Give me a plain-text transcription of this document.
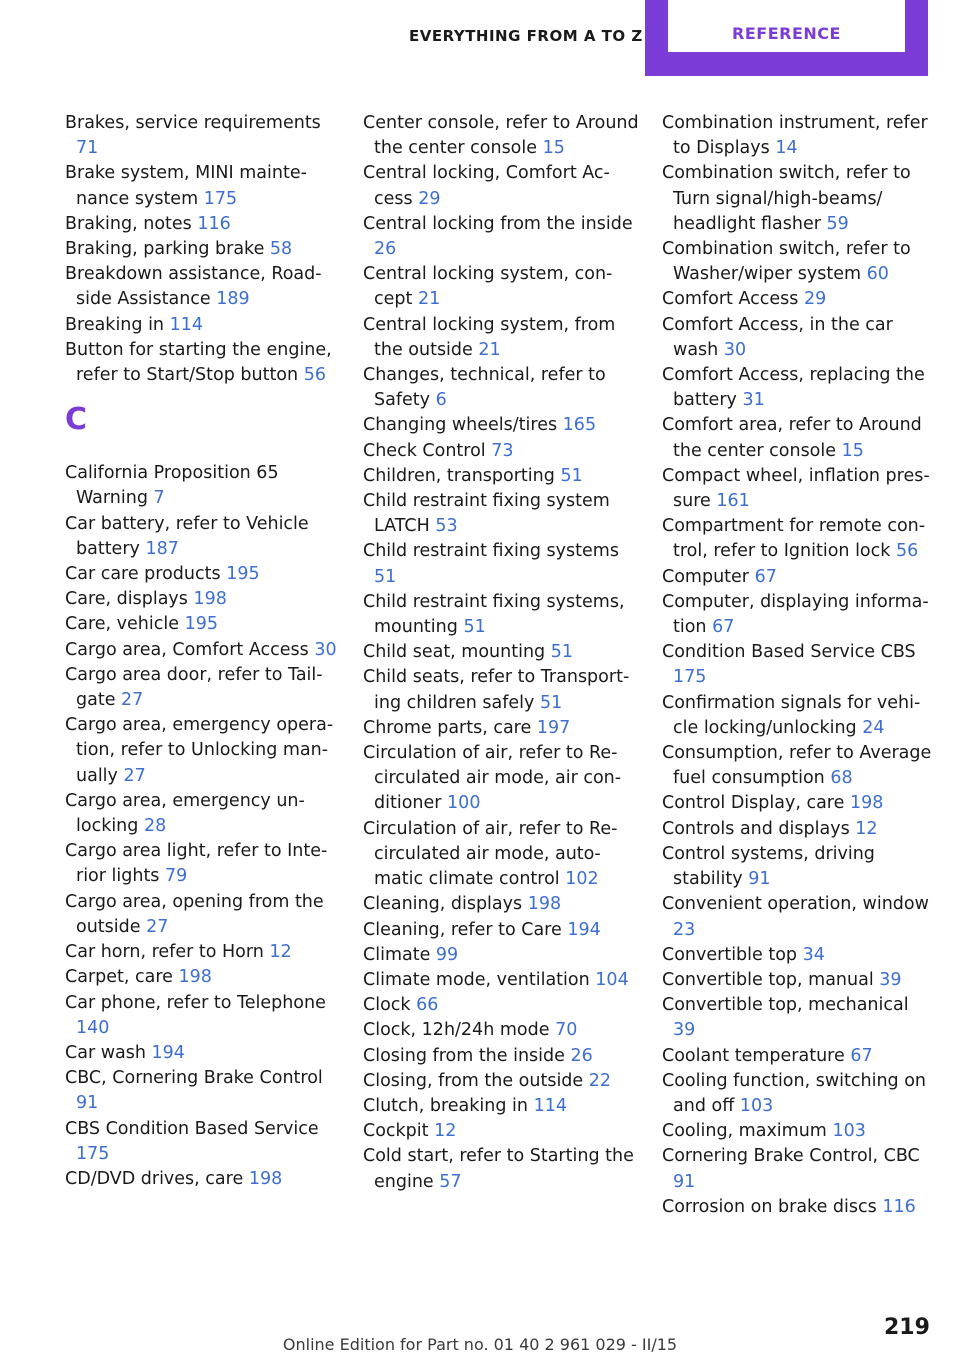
EVERYTHING FROM A TO Z	REFERENCE
Brakes, service requirements 71
Brake system, MINI maintenance system 175
Braking, notes 116
Braking, parking brake 58
Breakdown assistance, Roadside Assistance 189
Breaking in 114
Button for starting the engine, refer to Start/Stop button 56
C
California Proposition 65 Warning 7
Car battery, refer to Vehicle battery 187
Car care products 195
Care, displays 198
Care, vehicle 195
Cargo area, Comfort Access 30
Cargo area door, refer to Tailgate 27
Cargo area, emergency operation, refer to Unlocking manually 27
Cargo area, emergency unlocking 28
Cargo area light, refer to Interior lights 79
Cargo area, opening from the outside 27
Car horn, refer to Horn 12
Carpet, care 198
Car phone, refer to Telephone 140
Car wash 194
CBC, Cornering Brake Control 91
CBS Condition Based Service 175
CD/DVD drives, care 198
Center console, refer to Around the center console 15
Central locking, Comfort Access 29
Central locking from the inside 26
Central locking system, concept 21
Central locking system, from the outside 21
Changes, technical, refer to Safety 6
Changing wheels/tires 165
Check Control 73
Children, transporting 51
Child restraint fixing system LATCH 53
Child restraint fixing systems 51
Child restraint fixing systems, mounting 51
Child seat, mounting 51
Child seats, refer to Transporting children safely 51
Chrome parts, care 197
Circulation of air, refer to Recirculated air mode, air conditioner 100
Circulation of air, refer to Recirculated air mode, automatic climate control 102
Cleaning, displays 198
Cleaning, refer to Care 194
Climate 99
Climate mode, ventilation 104
Clock 66
Clock, 12h/24h mode 70
Closing from the inside 26
Closing, from the outside 22
Clutch, breaking in 114
Cockpit 12
Cold start, refer to Starting the engine 57
Combination instrument, refer to Displays 14
Combination switch, refer to Turn signal/high-beams/ headlight flasher 59
Combination switch, refer to Washer/wiper system 60
Comfort Access 29
Comfort Access, in the car wash 30
Comfort Access, replacing the battery 31
Comfort area, refer to Around the center console 15
Compact wheel, inflation pressure 161
Compartment for remote control, refer to Ignition lock 56
Computer 67
Computer, displaying information 67
Condition Based Service CBS 175
Confirmation signals for vehicle locking/unlocking 24
Consumption, refer to Average fuel consumption 68
Control Display, care 198
Controls and displays 12
Control systems, driving stability 91
Convenient operation, window 23
Convertible top 34
Convertible top, manual 39
Convertible top, mechanical 39
Coolant temperature 67
Cooling function, switching on and off 103
Cooling, maximum 103
Cornering Brake Control, CBC 91
Corrosion on brake discs 116
219
Online Edition for Part no. 01 40 2 961 029 - II/15
